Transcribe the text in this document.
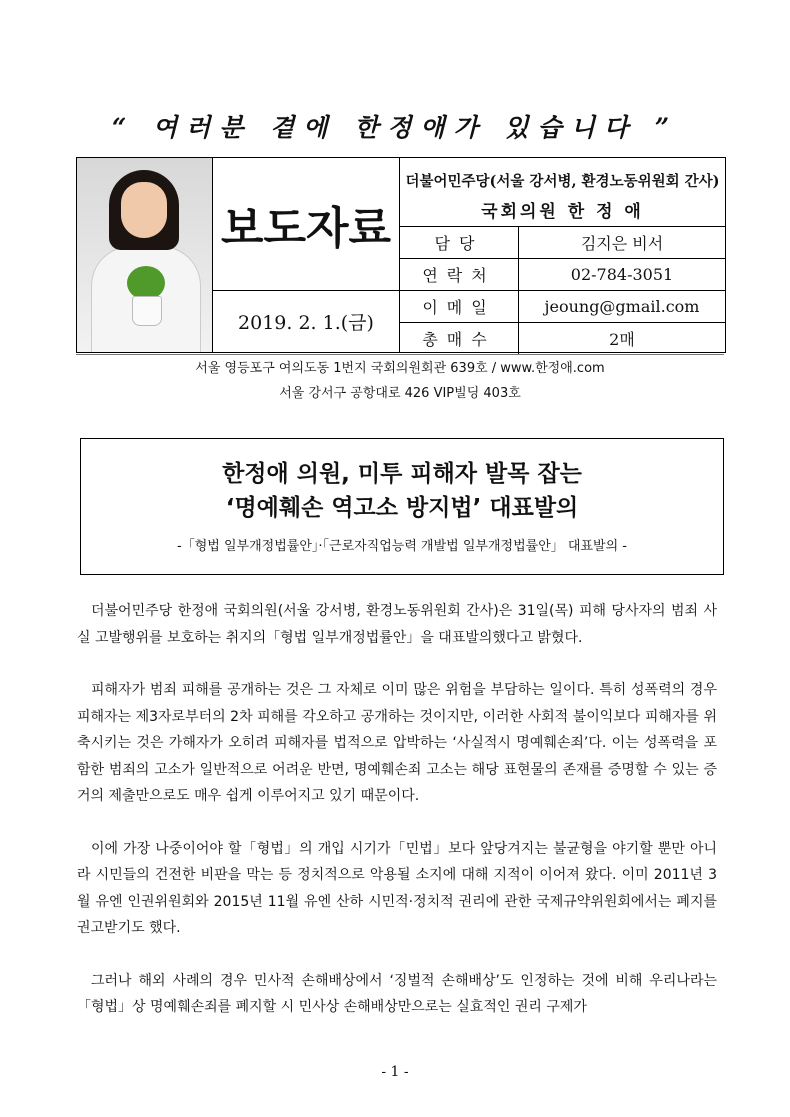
“ 여러분 곁에 한정애가 있습니다 ”
보도자료
2019. 2. 1.(금)
더불어민주당(서울 강서병, 환경노동위원회 간사)
국회의원 한 정 애
담당	김지은 비서
연락처	02-784-3051
이메일	jeoung@gmail.com
총매수	2매
서울 영등포구 여의도동 1번지 국회의원회관 639호 / www.한정애.com
서울 강서구 공항대로 426 VIP빌딩 403호
한정애 의원, 미투 피해자 발목 잡는
‘명예훼손 역고소 방지법’ 대표발의
-「형법 일부개정법률안」·「근로자직업능력 개발법 일부개정법률안」 대표발의 -

더불어민주당 한정애 국회의원(서울 강서병, 환경노동위원회 간사)은 31일(목) 피해 당사자의 범죄 사실 고발행위를 보호하는 취지의「형법 일부개정법률안」을 대표발의했다고 밝혔다.

피해자가 범죄 피해를 공개하는 것은 그 자체로 이미 많은 위험을 부담하는 일이다. 특히 성폭력의 경우 피해자는 제3자로부터의 2차 피해를 각오하고 공개하는 것이지만, 이러한 사회적 불이익보다 피해자를 위축시키는 것은 가해자가 오히려 피해자를 법적으로 압박하는 ‘사실적시 명예훼손죄’다. 이는 성폭력을 포함한 범죄의 고소가 일반적으로 어려운 반면, 명예훼손죄 고소는 해당 표현물의 존재를 증명할 수 있는 증거의 제출만으로도 매우 쉽게 이루어지고 있기 때문이다.

이에 가장 나중이어야 할「형법」의 개입 시기가「민법」보다 앞당겨지는 불균형을 야기할 뿐만 아니라 시민들의 건전한 비판을 막는 등 정치적으로 악용될 소지에 대해 지적이 이어져 왔다. 이미 2011년 3월 유엔 인권위원회와 2015년 11월 유엔 산하 시민적·정치적 권리에 관한 국제규약위원회에서는 폐지를 권고받기도 했다.

그러나 해외 사례의 경우 민사적 손해배상에서 ‘징벌적 손해배상’도 인정하는 것에 비해 우리나라는「형법」상 명예훼손죄를 폐지할 시 민사상 손해배상만으로는 실효적인 권리 구제가

- 1 -
